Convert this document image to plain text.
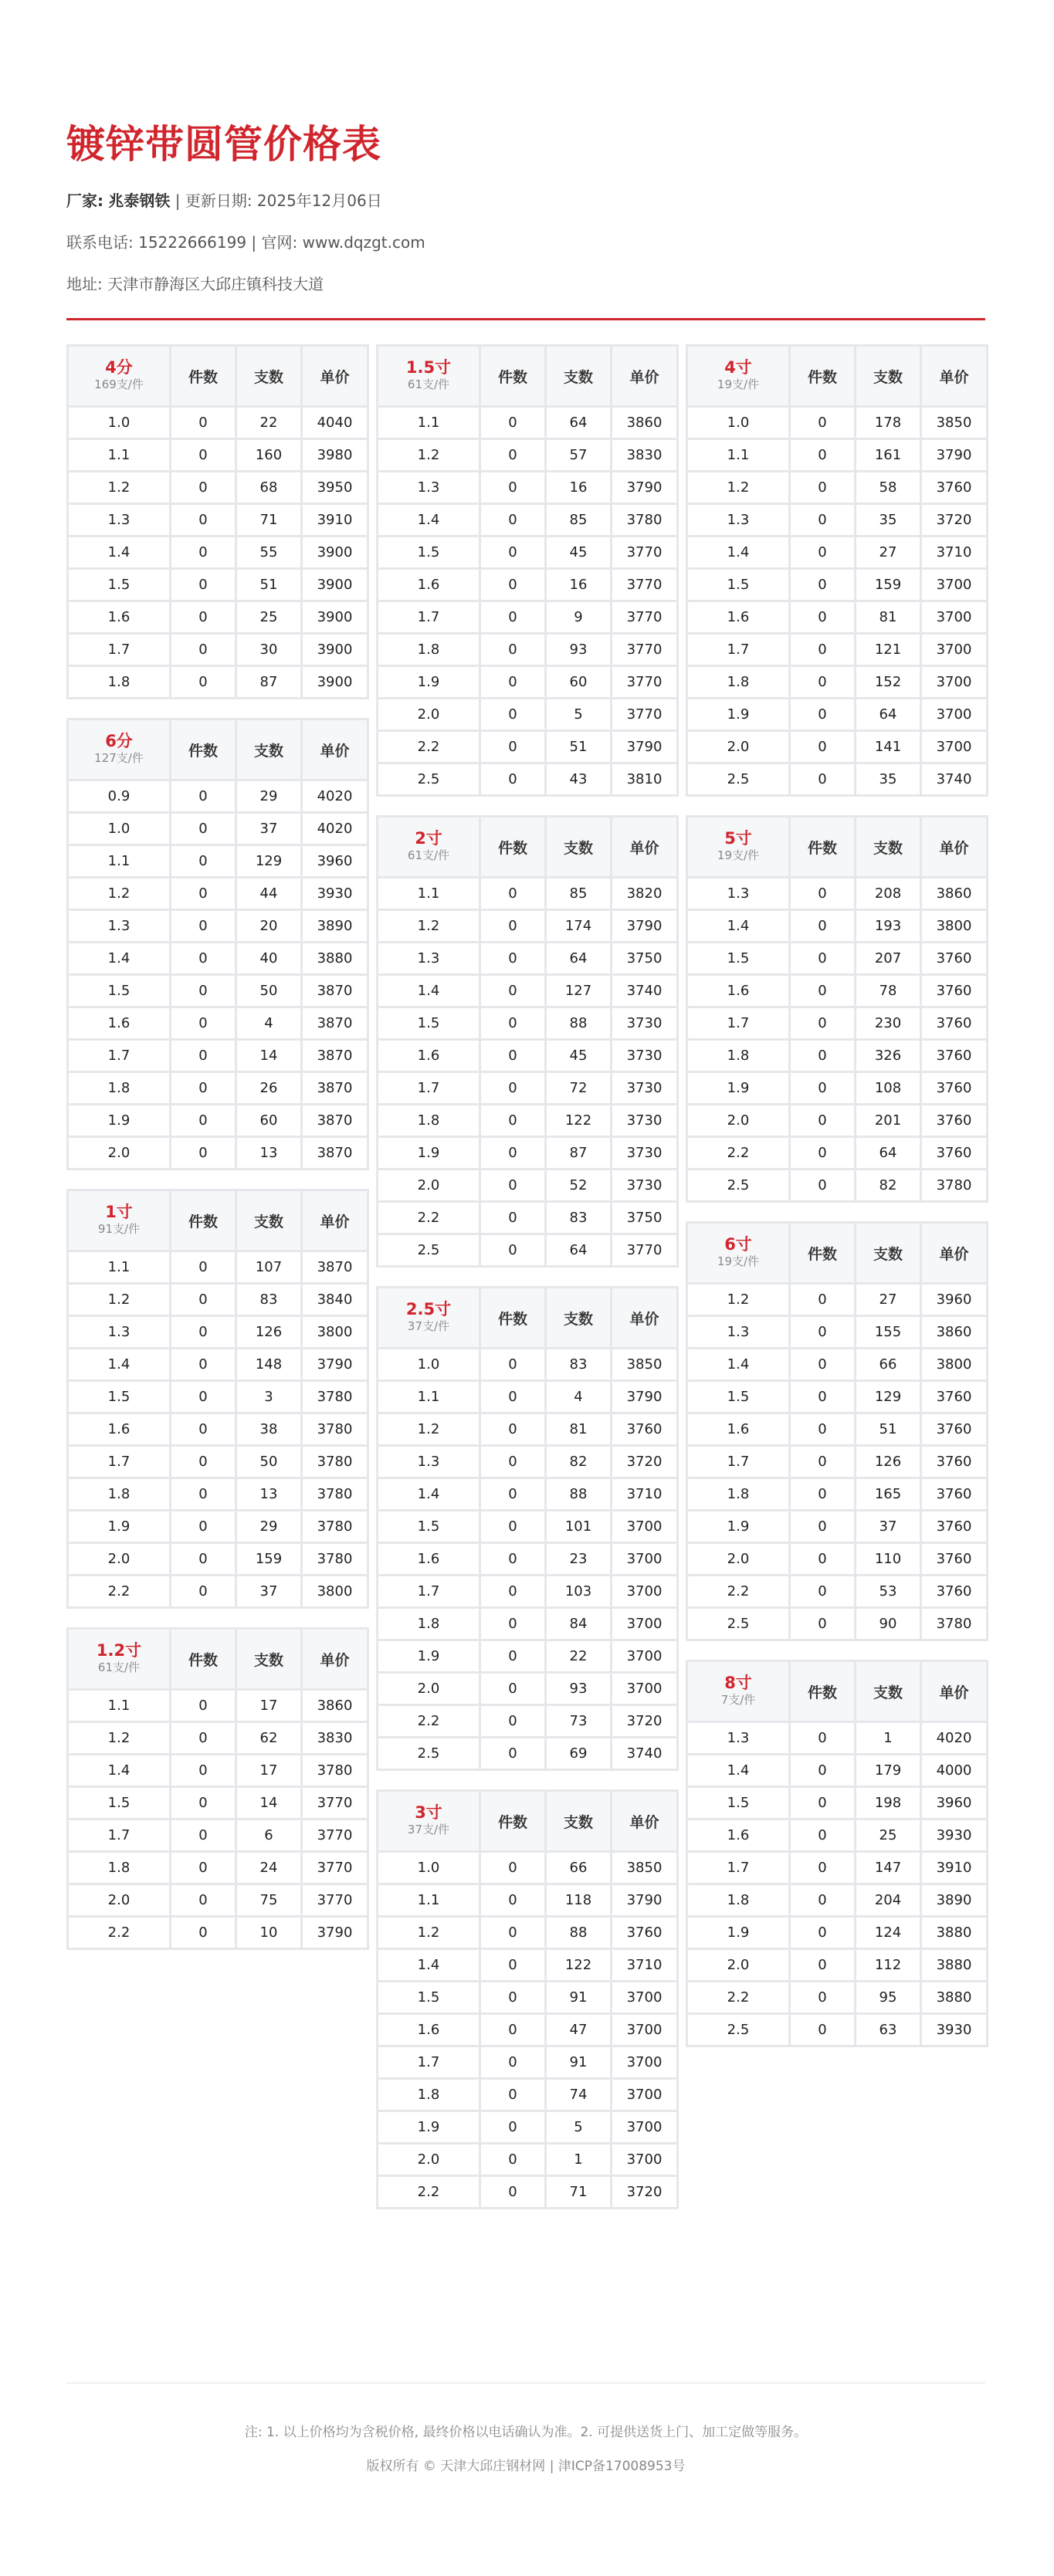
镀锌带圆管价格表
厂家: 兆泰钢铁 | 更新日期: 2025年12月06日
联系电话: 15222666199 | 官网: www.dqzgt.com
地址: 天津市静海区大邱庄镇科技大道
4分
169支/件	件数	支数	单价
1.0	0	22	4040
1.1	0	160	3980
1.2	0	68	3950
1.3	0	71	3910
1.4	0	55	3900
1.5	0	51	3900
1.6	0	25	3900
1.7	0	30	3900
1.8	0	87	3900
6分
127支/件	件数	支数	单价
0.9	0	29	4020
1.0	0	37	4020
1.1	0	129	3960
1.2	0	44	3930
1.3	0	20	3890
1.4	0	40	3880
1.5	0	50	3870
1.6	0	4	3870
1.7	0	14	3870
1.8	0	26	3870
1.9	0	60	3870
2.0	0	13	3870
1寸
91支/件	件数	支数	单价
1.1	0	107	3870
1.2	0	83	3840
1.3	0	126	3800
1.4	0	148	3790
1.5	0	3	3780
1.6	0	38	3780
1.7	0	50	3780
1.8	0	13	3780
1.9	0	29	3780
2.0	0	159	3780
2.2	0	37	3800
1.2寸
61支/件	件数	支数	单价
1.1	0	17	3860
1.2	0	62	3830
1.4	0	17	3780
1.5	0	14	3770
1.7	0	6	3770
1.8	0	24	3770
2.0	0	75	3770
2.2	0	10	3790
1.5寸
61支/件	件数	支数	单价
1.1	0	64	3860
1.2	0	57	3830
1.3	0	16	3790
1.4	0	85	3780
1.5	0	45	3770
1.6	0	16	3770
1.7	0	9	3770
1.8	0	93	3770
1.9	0	60	3770
2.0	0	5	3770
2.2	0	51	3790
2.5	0	43	3810
2寸
61支/件	件数	支数	单价
1.1	0	85	3820
1.2	0	174	3790
1.3	0	64	3750
1.4	0	127	3740
1.5	0	88	3730
1.6	0	45	3730
1.7	0	72	3730
1.8	0	122	3730
1.9	0	87	3730
2.0	0	52	3730
2.2	0	83	3750
2.5	0	64	3770
2.5寸
37支/件	件数	支数	单价
1.0	0	83	3850
1.1	0	4	3790
1.2	0	81	3760
1.3	0	82	3720
1.4	0	88	3710
1.5	0	101	3700
1.6	0	23	3700
1.7	0	103	3700
1.8	0	84	3700
1.9	0	22	3700
2.0	0	93	3700
2.2	0	73	3720
2.5	0	69	3740
3寸
37支/件	件数	支数	单价
1.0	0	66	3850
1.1	0	118	3790
1.2	0	88	3760
1.4	0	122	3710
1.5	0	91	3700
1.6	0	47	3700
1.7	0	91	3700
1.8	0	74	3700
1.9	0	5	3700
2.0	0	1	3700
2.2	0	71	3720
4寸
19支/件	件数	支数	单价
1.0	0	178	3850
1.1	0	161	3790
1.2	0	58	3760
1.3	0	35	3720
1.4	0	27	3710
1.5	0	159	3700
1.6	0	81	3700
1.7	0	121	3700
1.8	0	152	3700
1.9	0	64	3700
2.0	0	141	3700
2.5	0	35	3740
5寸
19支/件	件数	支数	单价
1.3	0	208	3860
1.4	0	193	3800
1.5	0	207	3760
1.6	0	78	3760
1.7	0	230	3760
1.8	0	326	3760
1.9	0	108	3760
2.0	0	201	3760
2.2	0	64	3760
2.5	0	82	3780
6寸
19支/件	件数	支数	单价
1.2	0	27	3960
1.3	0	155	3860
1.4	0	66	3800
1.5	0	129	3760
1.6	0	51	3760
1.7	0	126	3760
1.8	0	165	3760
1.9	0	37	3760
2.0	0	110	3760
2.2	0	53	3760
2.5	0	90	3780
8寸
7支/件	件数	支数	单价
1.3	0	1	4020
1.4	0	179	4000
1.5	0	198	3960
1.6	0	25	3930
1.7	0	147	3910
1.8	0	204	3890
1.9	0	124	3880
2.0	0	112	3880
2.2	0	95	3880
2.5	0	63	3930
注: 1. 以上价格均为含税价格, 最终价格以电话确认为准。2. 可提供送货上门、加工定做等服务。
版权所有 © 天津大邱庄钢材网 | 津ICP备17008953号
